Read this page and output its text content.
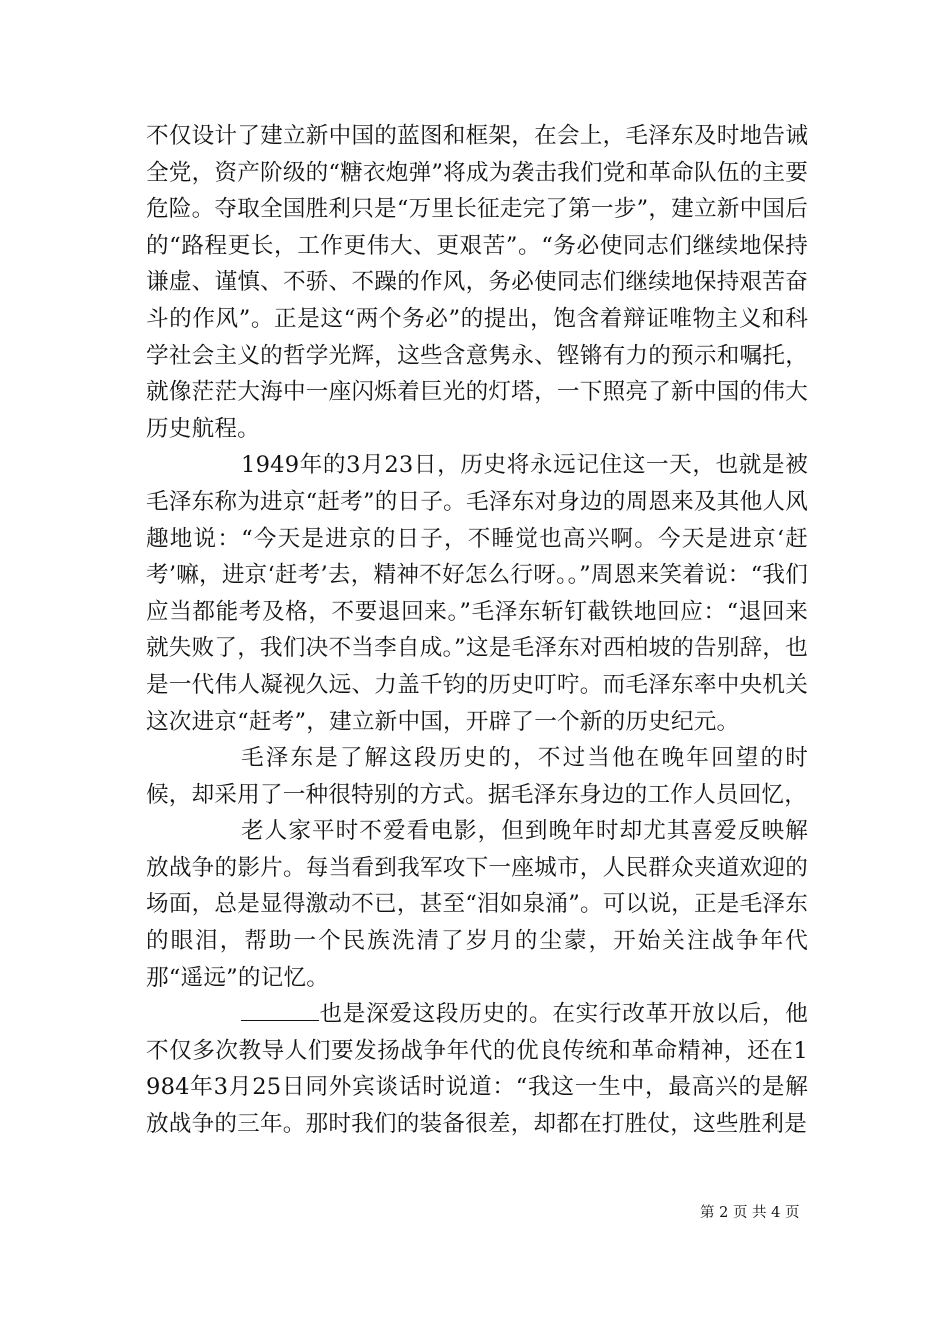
不仅设计了建立新中国的蓝图和框架，在会上，毛泽东及时地告诫全党，资产阶级的“糖衣炮弹”将成为袭击我们党和革命队伍的主要危险。夺取全国胜利只是“万里长征走完了第一步”，建立新中国后的“路程更长，工作更伟大、更艰苦”。“务必使同志们继续地保持谦虚、谨慎、不骄、不躁的作风，务必使同志们继续地保持艰苦奋斗的作风”。正是这“两个务必”的提出，饱含着辩证唯物主义和科学社会主义的哲学光辉，这些含意隽永、铿锵有力的预示和嘱托，就像茫茫大海中一座闪烁着巨光的灯塔，一下照亮了新中国的伟大历史航程。

1949年的3月23日，历史将永远记住这一天，也就是被毛泽东称为进京“赶考”的日子。毛泽东对身边的周恩来及其他人风趣地说：“今天是进京的日子，不睡觉也高兴啊。今天是进京‘赶考’嘛，进京‘赶考’去，精神不好怎么行呀。。”周恩来笑着说：“我们应当都能考及格，不要退回来。”毛泽东斩钉截铁地回应：“退回来就失败了，我们决不当李自成。”这是毛泽东对西柏坡的告别辞，也是一代伟人凝视久远、力盖千钧的历史叮咛。而毛泽东率中央机关这次进京“赶考”，建立新中国，开辟了一个新的历史纪元。

毛泽东是了解这段历史的，不过当他在晚年回望的时候，却采用了一种很特别的方式。据毛泽东身边的工作人员回忆，

老人家平时不爱看电影，但到晚年时却尤其喜爱反映解放战争的影片。每当看到我军攻下一座城市，人民群众夹道欢迎的场面，总是显得激动不已，甚至“泪如泉涌”。可以说，正是毛泽东的眼泪，帮助一个民族洗清了岁月的尘蒙，开始关注战争年代那“遥远”的记忆。

也是深爱这段历史的。在实行改革开放以后，他不仅多次教导人们要发扬战争年代的优良传统和革命精神，还在1984年3月25日同外宾谈话时说道：“我这一生中，最高兴的是解放战争的三年。那时我们的装备很差，却都在打胜仗，这些胜利是

第 2 页 共 4 页
